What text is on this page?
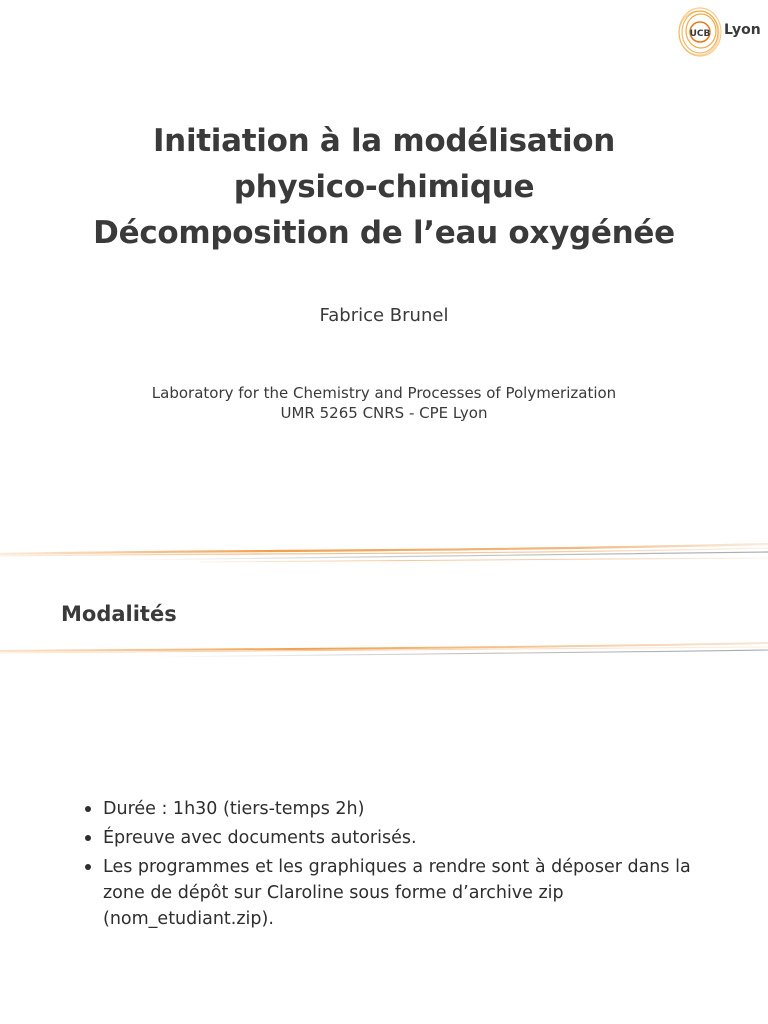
UCB Lyon
Initiation à la modélisation
physico-chimique
Décomposition de l’eau oxygénée
Fabrice Brunel
Laboratory for the Chemistry and Processes of Polymerization
UMR 5265 CNRS - CPE Lyon
Modalités
Durée : 1h30 (tiers-temps 2h)
Épreuve avec documents autorisés.
Les programmes et les graphiques a rendre sont à déposer dans la zone de dépôt sur Claroline sous forme d’archive zip (nom_etudiant.zip).
